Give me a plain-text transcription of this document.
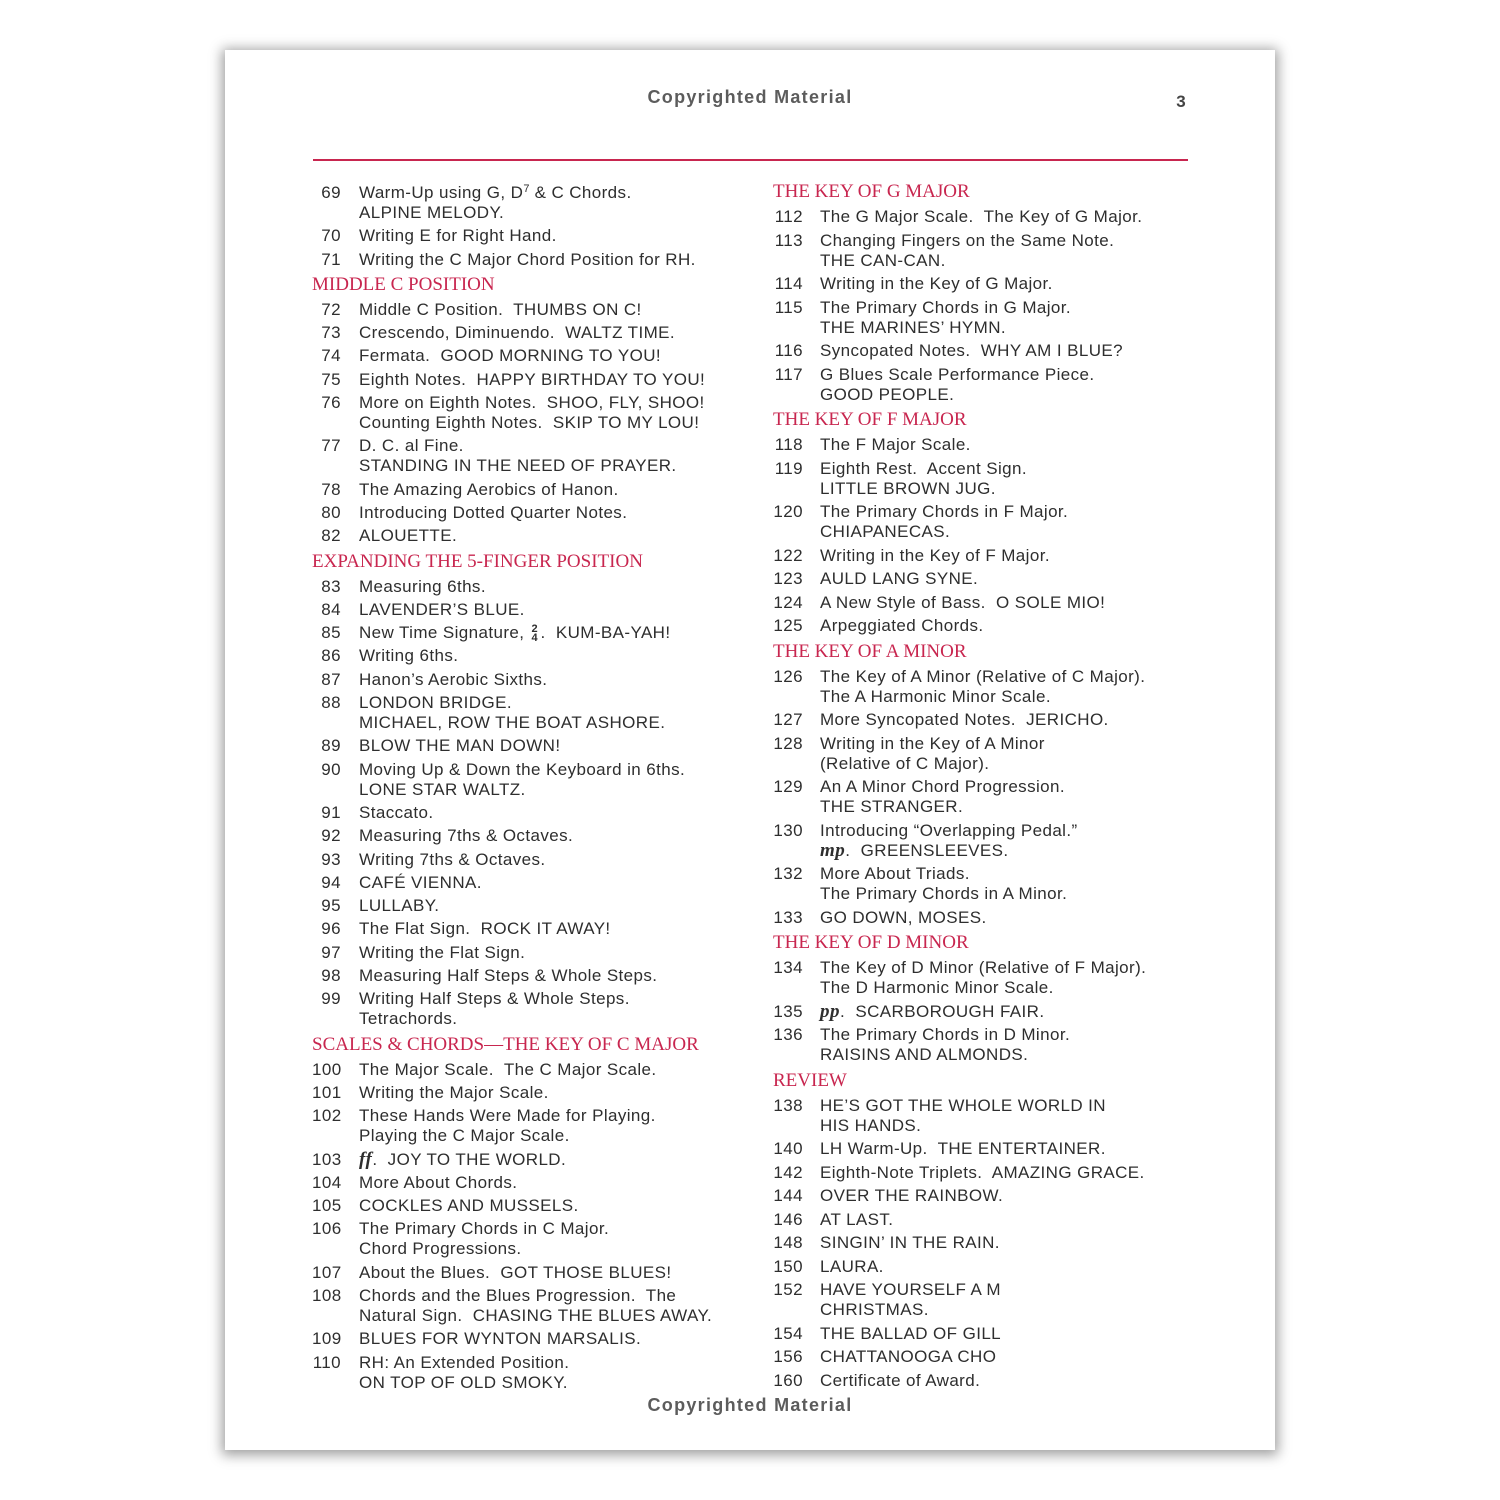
Copyrighted Material	3
69 Warm-Up using G, $D^7$ & C Chords.
ALPINE MELODY.
70 Writing E for Right Hand.
71 Writing the C Major Chord Position for RH.
MIDDLE C POSITION
72 Middle C Position.  THUMBS ON C!
73 Crescendo, Diminuendo.  WALTZ TIME.
74 Fermata.  GOOD MORNING TO YOU!
75 Eighth Notes.  HAPPY BIRTHDAY TO YOU!
76 More on Eighth Notes.  SHOO, FLY, SHOO!
Counting Eighth Notes.  SKIP TO MY LOU!
77 D. C. al Fine.
STANDING IN THE NEED OF PRAYER.
78 The Amazing Aerobics of Hanon.
80 Introducing Dotted Quarter Notes.
82 ALOUETTE.
EXPANDING THE 5-FINGER POSITION
83 Measuring 6ths.
84 LAVENDER’S BLUE.
85 New Time Signature, 2
4 .  KUM-BA-YAH!
86 Writing 6ths.
87 Hanon’s Aerobic Sixths.
88 LONDON BRIDGE.
MICHAEL, ROW THE BOAT ASHORE.
89 BLOW THE MAN DOWN!
90 Moving Up & Down the Keyboard in 6ths.
LONE STAR WALTZ.
91 Staccato.
92 Measuring 7ths & Octaves.
93 Writing 7ths & Octaves.
94 CAFÉ VIENNA.
95 LULLABY.
96 The Flat Sign.  ROCK IT AWAY!
97 Writing the Flat Sign.
98 Measuring Half Steps & Whole Steps.
99 Writing Half Steps & Whole Steps.
Tetrachords.
SCALES & CHORDS—THE KEY OF C MAJOR
100 The Major Scale.  The C Major Scale.
101 Writing the Major Scale.
102 These Hands Were Made for Playing.
Playing the C Major Scale.
103 ff.  JOY TO THE WORLD.
104 More About Chords.
105 COCKLES AND MUSSELS.
106 The Primary Chords in C Major.
Chord Progressions.
107 About the Blues.  GOT THOSE BLUES!
108 Chords and the Blues Progression.  The
Natural Sign.  CHASING THE BLUES AWAY.
109 BLUES FOR WYNTON MARSALIS.
110 RH: An Extended Position.
ON TOP OF OLD SMOKY.
THE KEY OF G MAJOR
112 The G Major Scale.  The Key of G Major.
113 Changing Fingers on the Same Note.
THE CAN-CAN.
114 Writing in the Key of G Major.
115 The Primary Chords in G Major.
THE MARINES’ HYMN.
116 Syncopated Notes.  WHY AM I BLUE?
117 G Blues Scale Performance Piece.
GOOD PEOPLE.
THE KEY OF F MAJOR
118 The F Major Scale.
119 Eighth Rest.  Accent Sign.
LITTLE BROWN JUG.
120 The Primary Chords in F Major.
CHIAPANECAS.
122 Writing in the Key of F Major.
123 AULD LANG SYNE.
124 A New Style of Bass.  O SOLE MIO!
125 Arpeggiated Chords.
THE KEY OF A MINOR
126 The Key of A Minor (Relative of C Major).
The A Harmonic Minor Scale.
127 More Syncopated Notes.  JERICHO.
128 Writing in the Key of A Minor
(Relative of C Major).
129 An A Minor Chord Progression.
THE STRANGER.
130 Introducing “Overlapping Pedal.”
mp.  GREENSLEEVES.
132 More About Triads.
The Primary Chords in A Minor.
133 GO DOWN, MOSES.
THE KEY OF D MINOR
134 The Key of D Minor (Relative of F Major).
The D Harmonic Minor Scale.
135 pp.  SCARBOROUGH FAIR.
136 The Primary Chords in D Minor.
RAISINS AND ALMONDS.
REVIEW
138 HE’S GOT THE WHOLE WORLD IN
HIS HANDS.
140 LH Warm-Up.  THE ENTERTAINER.
142 Eighth-Note Triplets.  AMAZING GRACE.
144 OVER THE RAINBOW.
146 AT LAST.
148 SINGIN’ IN THE RAIN.
150 LAURA.
152 HAVE YOURSELF A M
CHRISTMAS.
154 THE BALLAD OF GILL
156 CHATTANOOGA CHO
160 Certificate of Award.
Copyrighted Material
